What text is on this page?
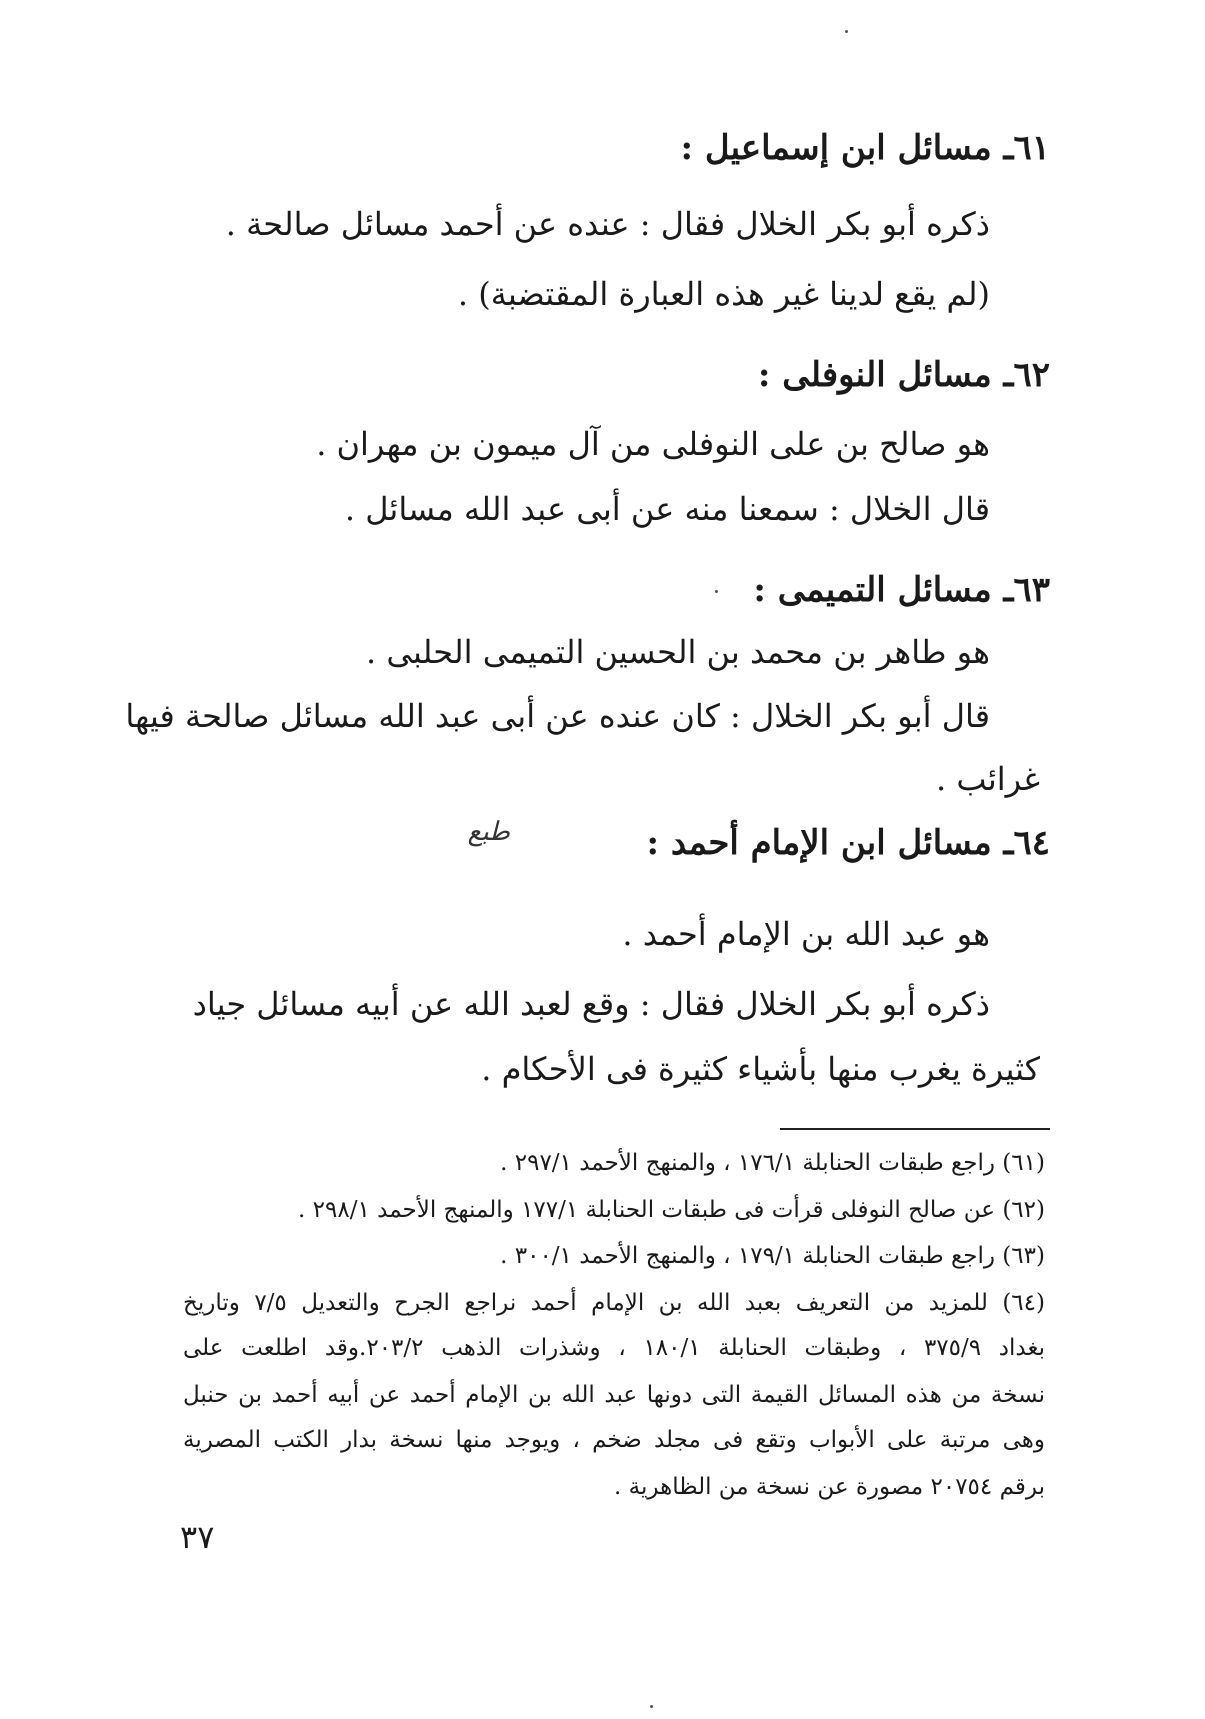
٦١ـ مسائل ابن إسماعيل :
ذكره أبو بكر الخلال فقال : عنده عن أحمد مسائل صالحة .
(لم يقع لدينا غير هذه العبارة المقتضبة) .
٦٢ـ مسائل النوفلى :
هو صالح بن على النوفلى من آل ميمون بن مهران .
قال الخلال : سمعنا منه عن أبى عبد الله مسائل .
٦٣ـ مسائل التميمى :
هو طاهر بن محمد بن الحسين التميمى الحلبى .
قال أبو بكر الخلال : كان عنده عن أبى عبد الله مسائل صالحة فيها
غرائب .
٦٤ـ مسائل ابن الإمام أحمد :
طبع
هو عبد الله بن الإمام أحمد .
ذكره أبو بكر الخلال فقال : وقع لعبد الله عن أبيه مسائل جياد
كثيرة يغرب منها بأشياء كثيرة فى الأحكام .
(٦١) راجع طبقات الحنابلة ١٧٦/١ ، والمنهج الأحمد ٢٩٧/١ .
(٦٢) عن صالح النوفلى قرأت فى طبقات الحنابلة ١٧٧/١ والمنهج الأحمد ٢٩٨/١ .
(٦٣) راجع طبقات الحنابلة ١٧٩/١ ، والمنهج الأحمد ٣٠٠/١ .
(٦٤) للمزيد من التعريف بعبد الله بن الإمام أحمد نراجع الجرح والتعديل ٧/٥ وتاريخ
بغداد ٣٧٥/٩ ، وطبقات الحنابلة ١٨٠/١ ، وشذرات الذهب ٢٠٣/٢.وقد اطلعت على
نسخة من هذه المسائل القيمة التى دونها عبد الله بن الإمام أحمد عن أبيه أحمد بن حنبل
وهى مرتبة على الأبواب وتقع فى مجلد ضخم ، ويوجد منها نسخة بدار الكتب المصرية
برقم ٢٠٧٥٤ مصورة عن نسخة من الظاهرية .
٣٧
